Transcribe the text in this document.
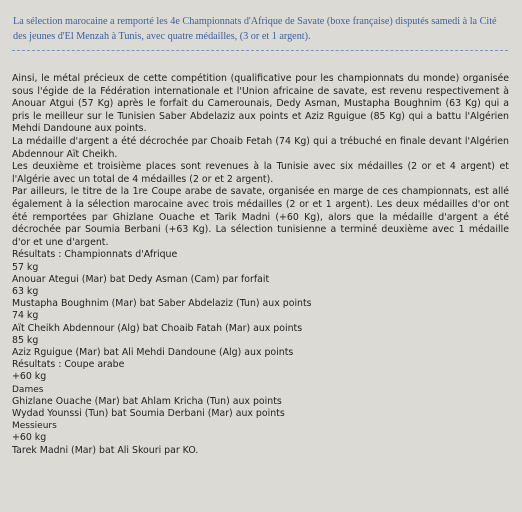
La sélection marocaine a remporté les 4e Championnats d'Afrique de Savate (boxe française) disputés samedi à la Cité des jeunes d'El Menzah à Tunis, avec quatre médailles, (3 or et 1 argent).

Ainsi, le métal précieux de cette compétition (qualificative pour les championnats du monde) organisée sous l'égide de la Fédération internationale et l'Union africaine de savate, est revenu respectivement à Anouar Atgui (57 Kg) après le forfait du Camerounais, Dedy Asman, Mustapha Boughnim (63 Kg) qui a pris le meilleur sur le Tunisien Saber Abdelaziz aux points et Aziz Rguigue (85 Kg) qui a battu l'Algérien Mehdi Dandoune aux points.

La médaille d'argent a été décrochée par Choaib Fetah (74 Kg) qui a trébuché en finale devant l'Algérien Abdennour Aït Cheikh.

Les deuxième et troisième places sont revenues à la Tunisie avec six médailles (2 or et 4 argent) et l'Algérie avec un total de 4 médailles (2 or et 2 argent).

Par ailleurs, le titre de la 1re Coupe arabe de savate, organisée en marge de ces championnats, est allé également à la sélection marocaine avec trois médailles (2 or et 1 argent). Les deux médailles d'or ont été remportées par Ghizlane Ouache et Tarik Madni (+60 Kg), alors que la médaille d'argent a été décrochée par Soumia Berbani (+63 Kg). La sélection tunisienne a terminé deuxième avec 1 médaille d'or et une d'argent.

Résultats : Championnats d'Afrique
57 kg
Anouar Ategui (Mar) bat Dedy Asman (Cam) par forfait
63 kg
Mustapha Boughnim (Mar) bat Saber Abdelaziz (Tun) aux points
74 kg
Aït Cheikh Abdennour (Alg) bat Choaib Fatah (Mar) aux points
85 kg
Aziz Rguigue (Mar) bat Ali Mehdi Dandoune (Alg) aux points
Résultats : Coupe arabe
+60 kg
Dames
Ghizlane Ouache (Mar) bat Ahlam Kricha (Tun) aux points
Wydad Younssi (Tun) bat Soumia Derbani (Mar) aux points
Messieurs
+60 kg
Tarek Madni (Mar) bat Ali Skouri par KO.
